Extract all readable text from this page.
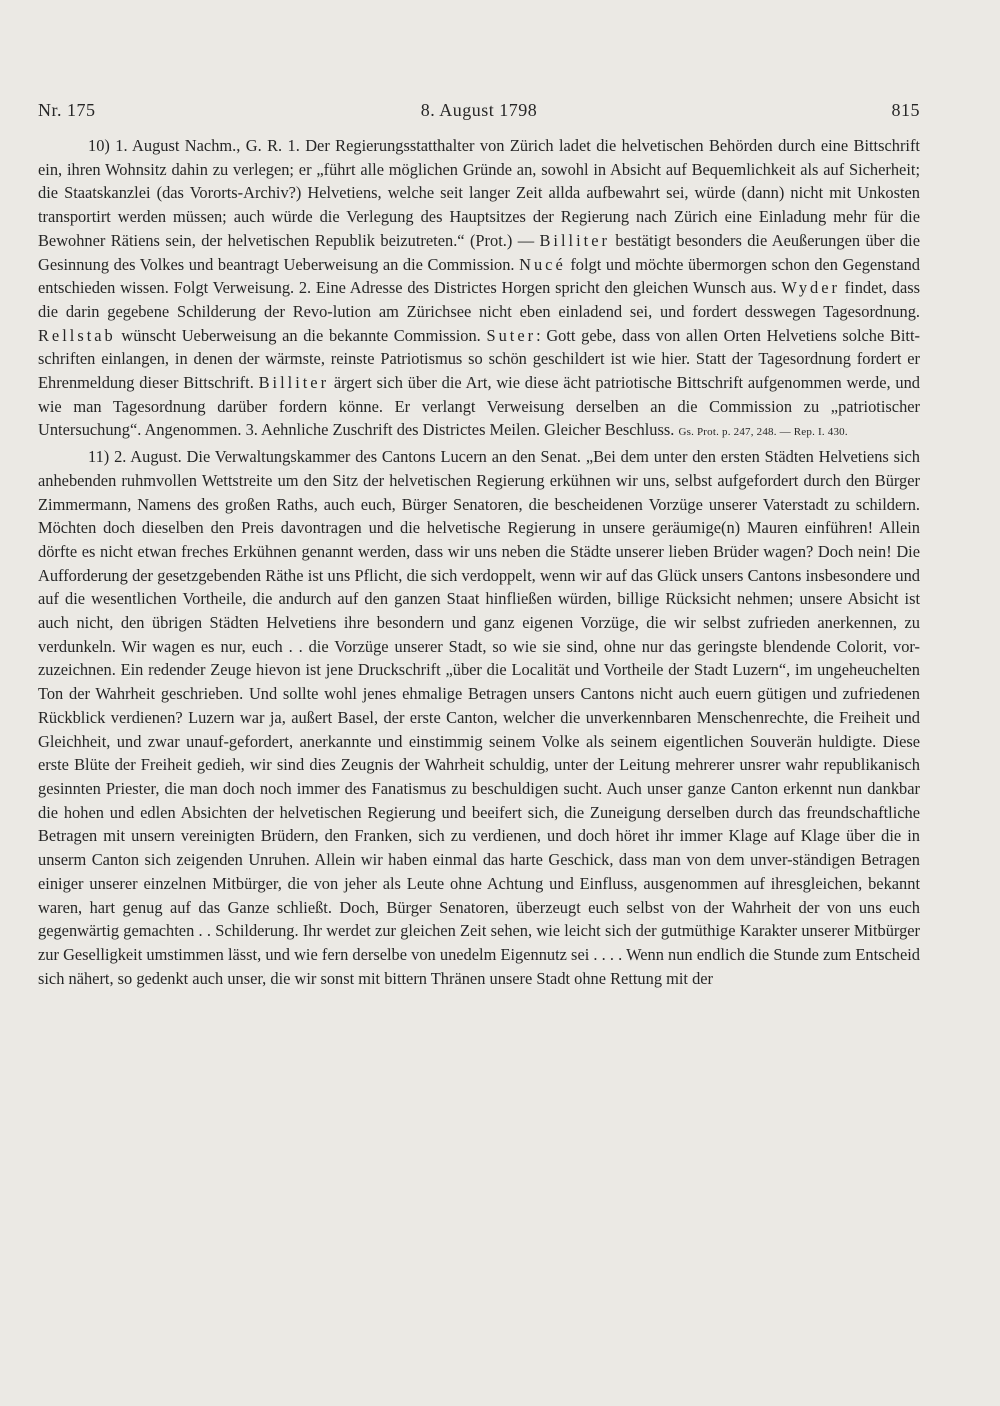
8. August 1798
Nr. 175	815

10) 1. August Nachm., G. R. 1. Der Regierungsstatthalter von Zürich ladet die helvetischen Behörden durch eine Bittschrift ein, ihren Wohnsitz dahin zu verlegen; er „führt alle möglichen Gründe an, sowohl in Absicht auf Bequemlichkeit als auf Sicherheit; die Staatskanzlei (das Vororts-Archiv?) Helvetiens, welche seit langer Zeit allda aufbewahrt sei, würde (dann) nicht mit Unkosten transportirt werden müssen; auch würde die Verlegung des Hauptsitzes der Regierung nach Zürich eine Einladung mehr für die Bewohner Rätiens sein, der helvetischen Republik beizutreten.“ (Prot.) — Billiter bestätigt besonders die Aeußerungen über die Gesinnung des Volkes und beantragt Ueberweisung an die Commission. Nucé folgt und möchte übermorgen schon den Gegenstand entschieden wissen. Folgt Verweisung. 2. Eine Adresse des Districtes Horgen spricht den gleichen Wunsch aus. Wyder findet, dass die darin gegebene Schilderung der Revo-lution am Zürichsee nicht eben einladend sei, und fordert desswegen Tagesordnung. Rellstab wünscht Ueberweisung an die bekannte Commission. Suter: Gott gebe, dass von allen Orten Helvetiens solche Bitt-schriften einlangen, in denen der wärmste, reinste Patriotismus so schön geschildert ist wie hier. Statt der Tagesordnung fordert er Ehrenmeldung dieser Bittschrift. Billiter ärgert sich über die Art, wie diese ächt patriotische Bittschrift aufgenommen werde, und wie man Tagesordnung darüber fordern könne. Er verlangt Verweisung derselben an die Commission zu „patriotischer Untersuchung“. Angenommen. 3. Aehnliche Zuschrift des Districtes Meilen. Gleicher Beschluss. Gs. Prot. p. 247, 248. — Rep. I. 430.

11) 2. August. Die Verwaltungskammer des Cantons Lucern an den Senat. „Bei dem unter den ersten Städten Helvetiens sich anhebenden ruhmvollen Wettstreite um den Sitz der helvetischen Regierung erkühnen wir uns, selbst aufgefordert durch den Bürger Zimmermann, Namens des großen Raths, auch euch, Bürger Senatoren, die bescheidenen Vorzüge unserer Vaterstadt zu schildern. Möchten doch dieselben den Preis davontragen und die helvetische Regierung in unsere geräumige(n) Mauren einführen! Allein dörfte es nicht etwan freches Erkühnen genannt werden, dass wir uns neben die Städte unserer lieben Brüder wagen? Doch nein! Die Aufforderung der gesetzgebenden Räthe ist uns Pflicht, die sich verdoppelt, wenn wir auf das Glück unsers Cantons insbesondere und auf die wesentlichen Vortheile, die andurch auf den ganzen Staat hinfließen würden, billige Rücksicht nehmen; unsere Absicht ist auch nicht, den übrigen Städten Helvetiens ihre besondern und ganz eigenen Vorzüge, die wir selbst zufrieden anerkennen, zu verdunkeln. Wir wagen es nur, euch . . die Vorzüge unserer Stadt, so wie sie sind, ohne nur das geringste blendende Colorit, vor-zuzeichnen. Ein redender Zeuge hievon ist jene Druckschrift „über die Localität und Vortheile der Stadt Luzern“, im ungeheuchelten Ton der Wahrheit geschrieben. Und sollte wohl jenes ehmalige Betragen unsers Cantons nicht auch euern gütigen und zufriedenen Rückblick verdienen? Luzern war ja, außert Basel, der erste Canton, welcher die unverkennbaren Menschenrechte, die Freiheit und Gleichheit, und zwar unauf-gefordert, anerkannte und einstimmig seinem Volke als seinem eigentlichen Souverän huldigte. Diese erste Blüte der Freiheit gedieh, wir sind dies Zeugnis der Wahrheit schuldig, unter der Leitung mehrerer unsrer wahr republikanisch gesinnten Priester, die man doch noch immer des Fanatismus zu beschuldigen sucht. Auch unser ganze Canton erkennt nun dankbar die hohen und edlen Absichten der helvetischen Regierung und beeifert sich, die Zuneigung derselben durch das freundschaftliche Betragen mit unsern vereinigten Brüdern, den Franken, sich zu verdienen, und doch höret ihr immer Klage auf Klage über die in unserm Canton sich zeigenden Unruhen. Allein wir haben einmal das harte Geschick, dass man von dem unver-ständigen Betragen einiger unserer einzelnen Mitbürger, die von jeher als Leute ohne Achtung und Einfluss, ausgenommen auf ihresgleichen, bekannt waren, hart genug auf das Ganze schließt. Doch, Bürger Senatoren, überzeugt euch selbst von der Wahrheit der von uns euch gegenwärtig gemachten . . Schilderung. Ihr werdet zur gleichen Zeit sehen, wie leicht sich der gutmüthige Karakter unserer Mitbürger zur Geselligkeit umstimmen lässt, und wie fern derselbe von unedelm Eigennutz sei . . . . Wenn nun endlich die Stunde zum Entscheid sich nähert, so gedenkt auch unser, die wir sonst mit bittern Thränen unsere Stadt ohne Rettung mit der
